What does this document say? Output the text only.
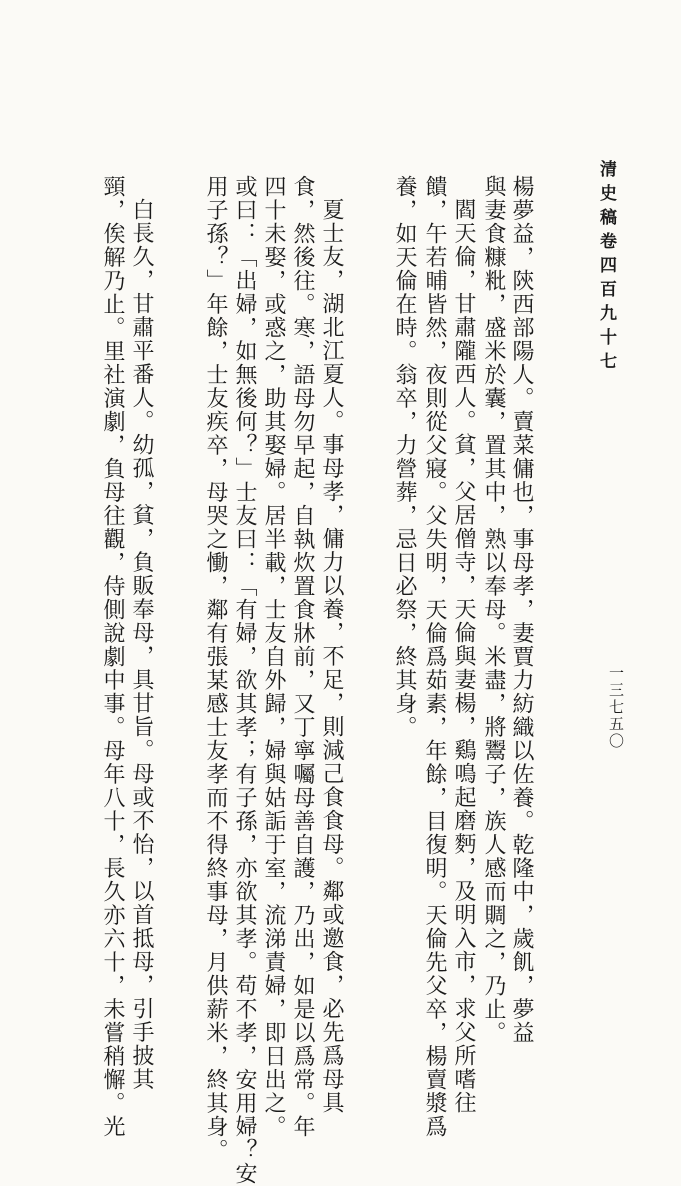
清史稿卷四百九十七
一三七五〇
楊夢益，陝西部陽人。賣菜傭也，事母孝，妻賈力紡織以佐養。乾隆中，歲飢，夢益
與妻食糠粃，盛米於囊，置其中，熟以奉母。米盡，將鬻子，族人感而賙之，乃止。
閻天倫，甘肅隴西人。貧，父居僧寺，天倫與妻楊，鷄鳴起磨麪，及明入市，求父所嗜往
饋，午若晡皆然，夜則從父寢。父失明，天倫爲茹素，年餘，目復明。天倫先父卒，楊賣漿爲
養，如天倫在時。翁卒，力營葬，忌日必祭，終其身。
夏士友，湖北江夏人。事母孝，傭力以養，不足，則減己食食母。鄰或邀食，必先爲母具
食，然後往。寒，語母勿早起，自執炊置食牀前，又丁寧囑母善自護，乃出，如是以爲常。年
四十未娶，或惑之，助其娶婦。居半載，士友自外歸，婦與姑詬于室，流涕責婦，即日出之。
或曰：「出婦，如無後何？」士友曰：「有婦，欲其孝；有子孫，亦欲其孝。苟不孝，安用婦？安
用子孫？」年餘，士友疾卒，母哭之慟，鄰有張某感士友孝而不得終事母，月供薪米，終其身。
白長久，甘肅平番人。幼孤，貧，負販奉母，具甘旨。母或不怡，以首抵母，引手披其
頸，俟解乃止。里社演劇，負母往觀，侍側說劇中事。母年八十，長久亦六十，未嘗稍懈。光
